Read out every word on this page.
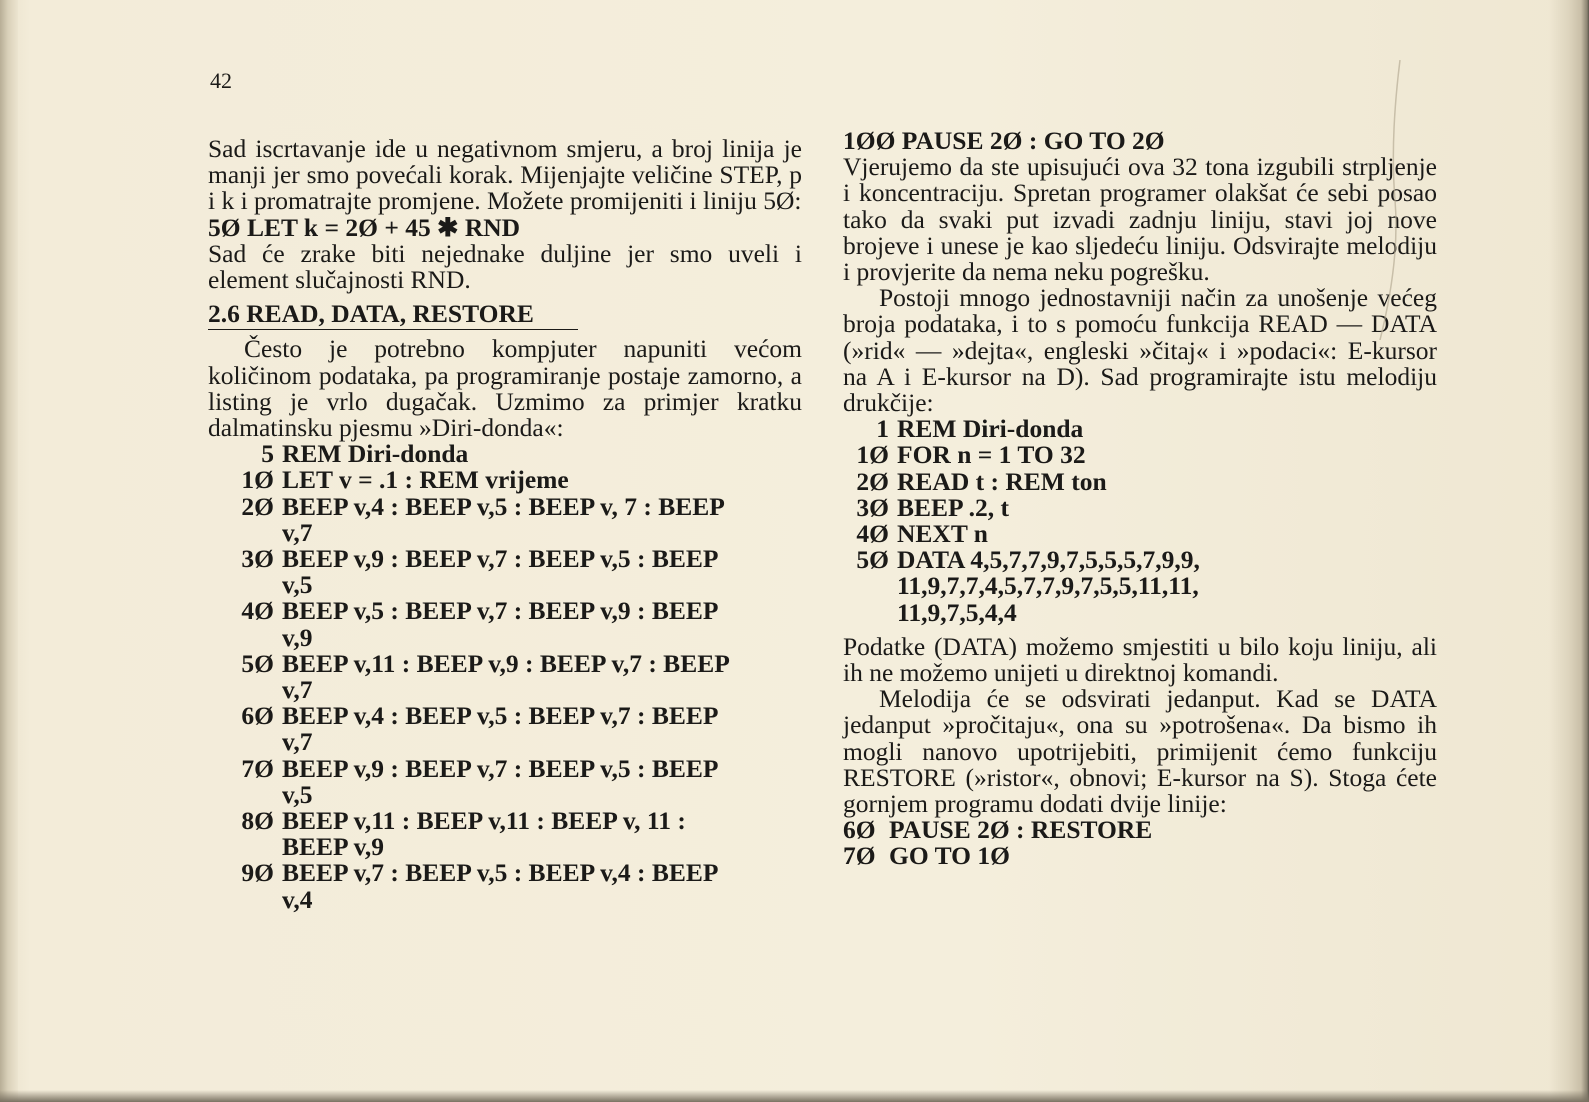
42

Sad iscrtavanje ide u negativnom smjeru, a broj linija je manji jer smo povećali korak. Mijenjajte veličine STEP, p i k i promatrajte promjene. Možete promijeniti i liniju 5Ø:

5Ø LET k = 2Ø + 45 ✱ RND

Sad će zrake biti nejednake duljine jer smo uveli i element slučajnosti RND.

2.6 READ, DATA, RESTORE

Često je potrebno kompjuter napuniti većom količinom podataka, pa programiranje postaje zamorno, a listing je vrlo dugačak. Uzmimo za primjer kratku dalmatinsku pjesmu »Diri-donda«:

5 REM Diri-donda
1Ø LET v = .1 : REM vrijeme
2Ø BEEP v,4 : BEEP v,5 : BEEP v, 7 : BEEP
v,7
3Ø BEEP v,9 : BEEP v,7 : BEEP v,5 : BEEP
v,5
4Ø BEEP v,5 : BEEP v,7 : BEEP v,9 : BEEP
v,9
5Ø BEEP v,11 : BEEP v,9 : BEEP v,7 : BEEP
v,7
6Ø BEEP v,4 : BEEP v,5 : BEEP v,7 : BEEP
v,7
7Ø BEEP v,9 : BEEP v,7 : BEEP v,5 : BEEP
v,5
8Ø BEEP v,11 : BEEP v,11 : BEEP v, 11 :
BEEP v,9
9Ø BEEP v,7 : BEEP v,5 : BEEP v,4 : BEEP
v,4

1ØØ PAUSE 2Ø : GO TO 2Ø

Vjerujemo da ste upisujući ova 32 tona izgubili strpljenje i koncentraciju. Spretan programer olakšat će sebi posao tako da svaki put izvadi zadnju liniju, stavi joj nove brojeve i unese je kao sljedeću liniju. Odsvirajte melodiju i provjerite da nema neku pogrešku.

Postoji mnogo jednostavniji način za unošenje većeg broja podataka, i to s pomoću funkcija READ — DATA (»rid« — »dejta«, engleski »čitaj« i »podaci«: E-kursor na A i E-kursor na D). Sad programirajte istu melodiju drukčije:

1 REM Diri-donda
1Ø FOR n = 1 TO 32
2Ø READ t : REM ton
3Ø BEEP .2, t
4Ø NEXT n
5Ø DATA 4,5,7,7,9,7,5,5,5,7,9,9,
11,9,7,7,4,5,7,7,9,7,5,5,11,11,
11,9,7,5,4,4

Podatke (DATA) možemo smjestiti u bilo koju liniju, ali ih ne možemo unijeti u direktnoj komandi.

Melodija će se odsvirati jedanput. Kad se DATA jedanput »pročitaju«, ona su »potrošena«. Da bismo ih mogli nanovo upotrijebiti, primijenit ćemo funkciju RESTORE (»ristor«, obnovi; E-kursor na S). Stoga ćete gornjem programu dodati dvije linije:

6Ø PAUSE 2Ø : RESTORE
7Ø GO TO 1Ø
